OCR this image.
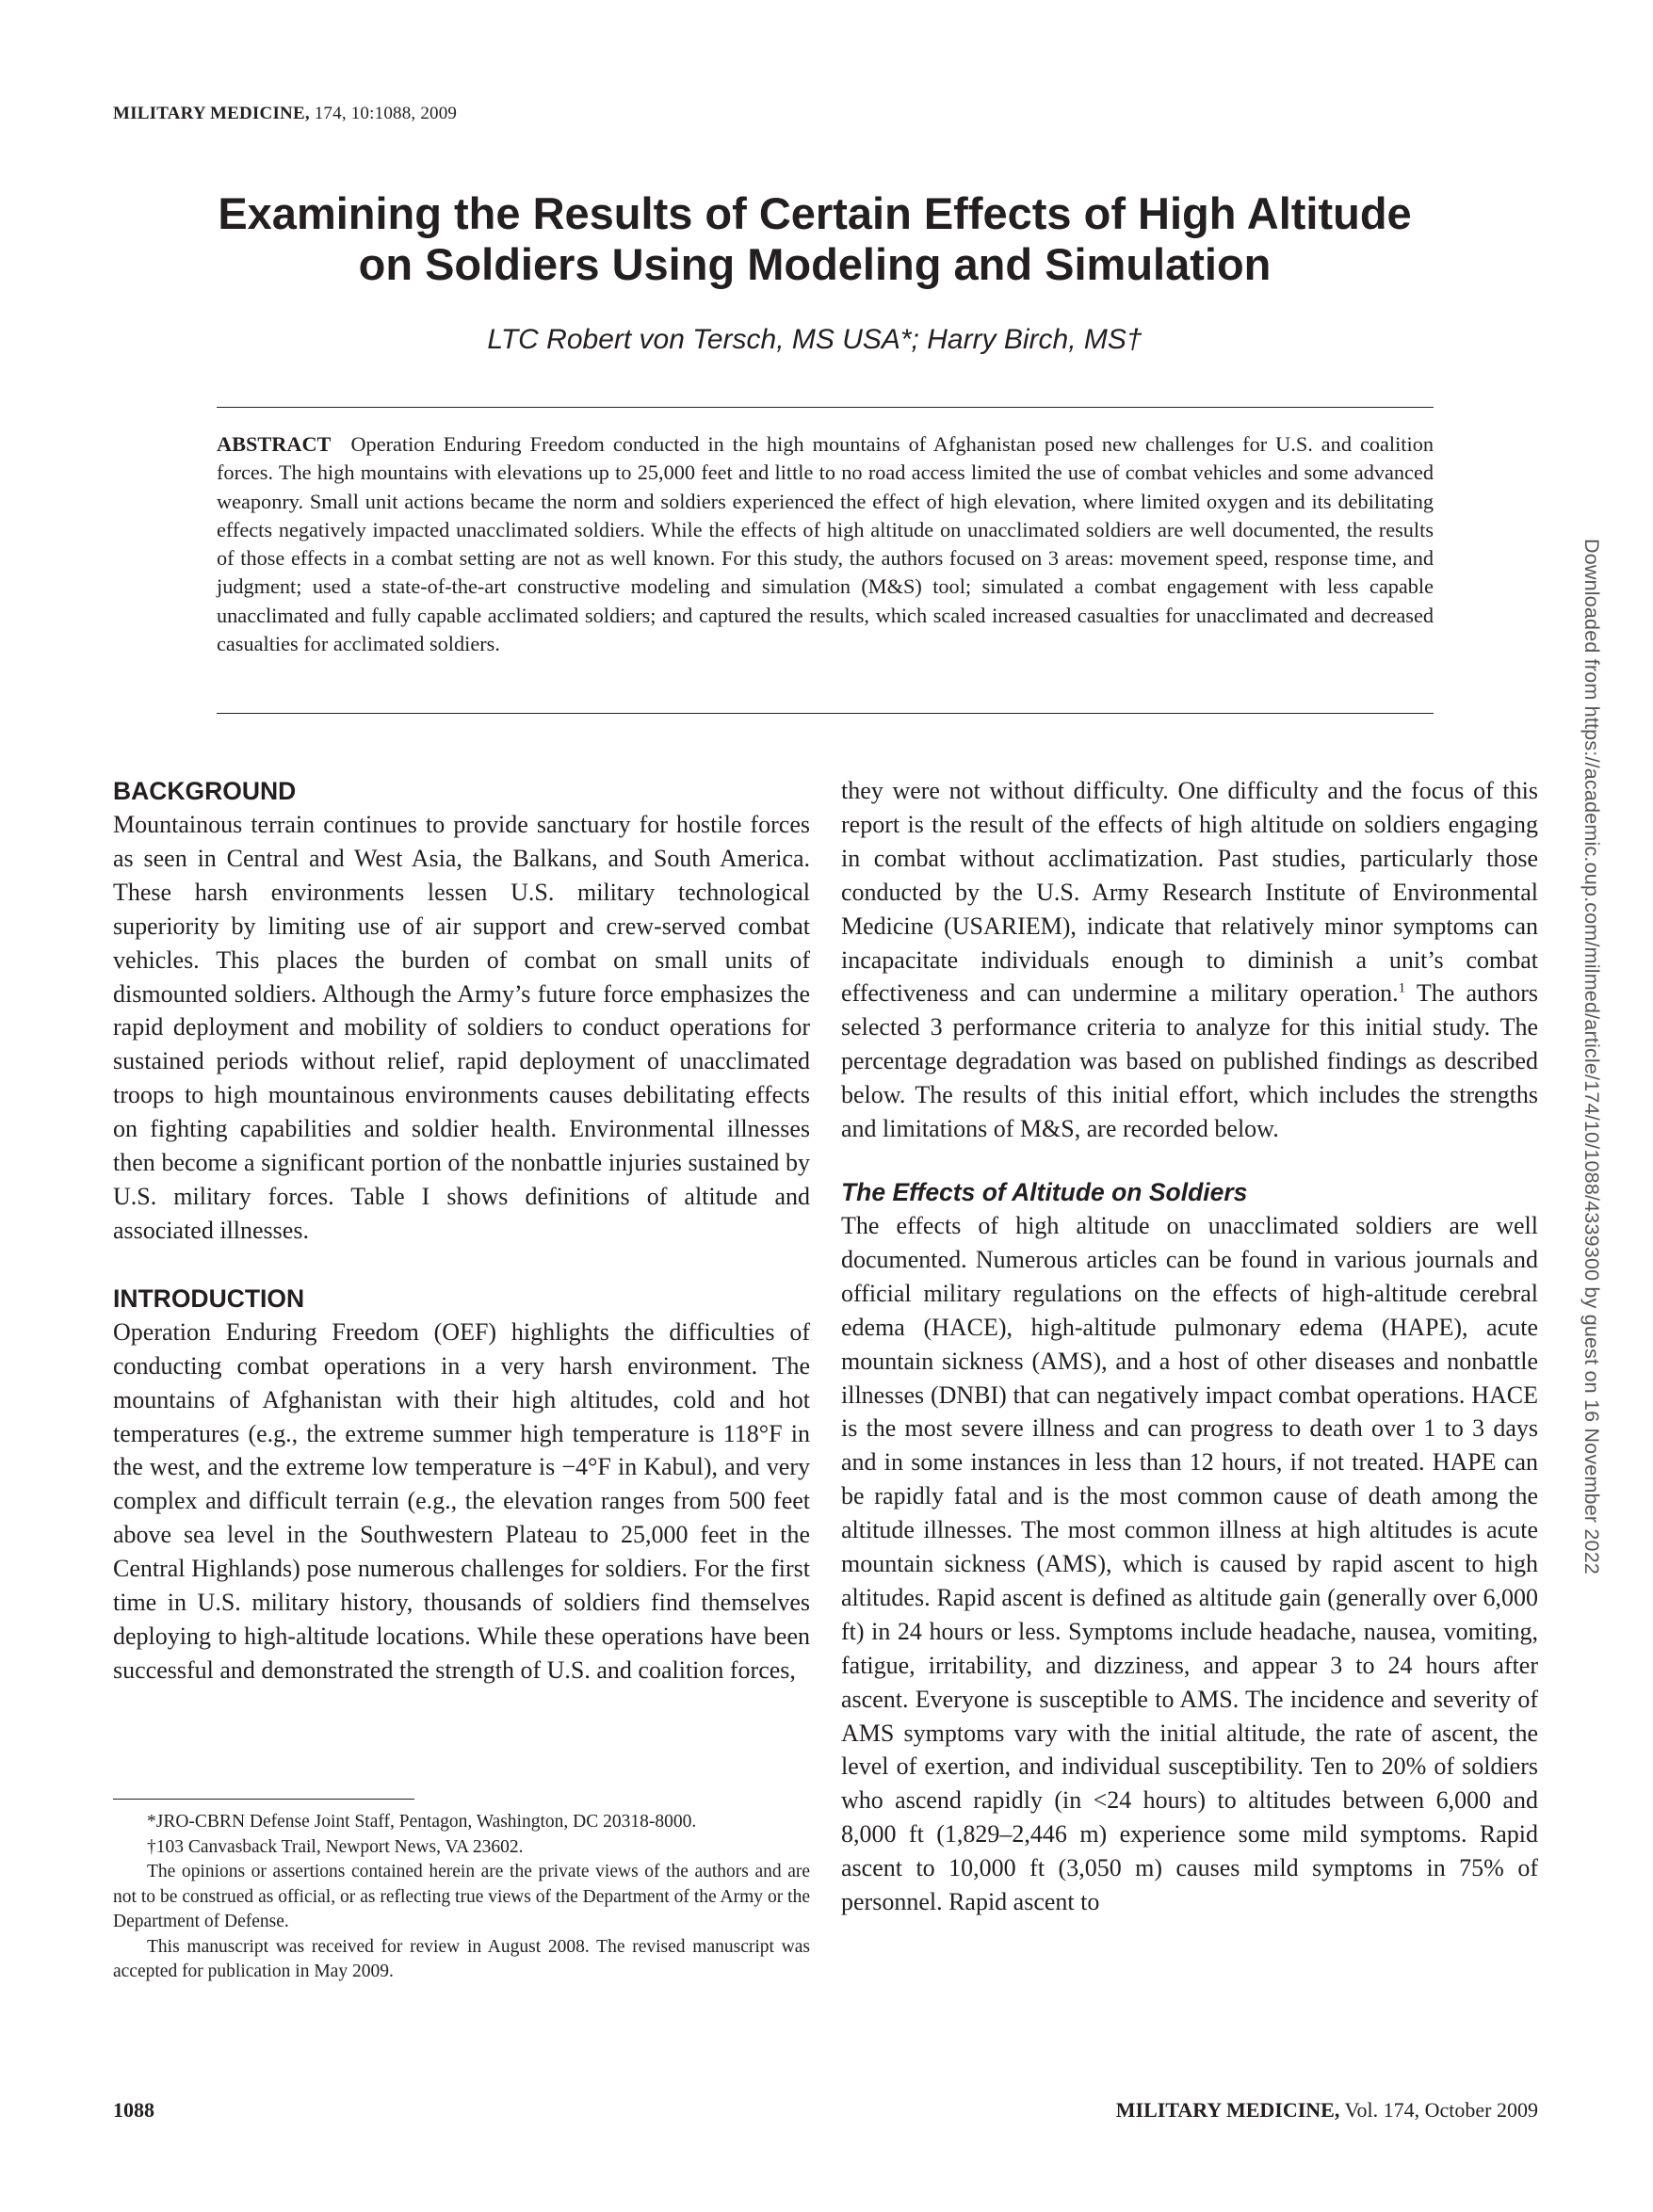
MILITARY MEDICINE, 174, 10:1088, 2009
Examining the Results of Certain Effects of High Altitude
on Soldiers Using Modeling and Simulation
LTC Robert von Tersch, MS USA*; Harry Birch, MS†

ABSTRACT Operation Enduring Freedom conducted in the high mountains of Afghanistan posed new challenges for U.S. and coalition forces. The high mountains with elevations up to 25,000 feet and little to no road access limited the use of combat vehicles and some advanced weaponry. Small unit actions became the norm and soldiers experienced the effect of high elevation, where limited oxygen and its debilitating effects negatively impacted unacclimated soldiers. While the effects of high altitude on unacclimated soldiers are well documented, the results of those effects in a combat setting are not as well known. For this study, the authors focused on 3 areas: movement speed, response time, and judgment; used a state-of-the-art constructive modeling and simulation (M&S) tool; simulated a combat engagement with less capable unacclimated and fully capable acclimated soldiers; and captured the results, which scaled increased casualties for unacclimated and decreased casualties for acclimated soldiers.

BACKGROUND

Mountainous terrain continues to provide sanctuary for hostile forces as seen in Central and West Asia, the Balkans, and South America. These harsh environments lessen U.S. military technological superiority by limiting use of air support and crew-served combat vehicles. This places the burden of combat on small units of dismounted soldiers. Although the Army’s future force emphasizes the rapid deployment and mobility of soldiers to conduct operations for sustained periods without relief, rapid deployment of unacclimated troops to high mountainous environments causes debilitating effects on fighting capabilities and soldier health. Environmental illnesses then become a significant portion of the nonbattle injuries sustained by U.S. military forces. Table I shows definitions of altitude and associated illnesses.

INTRODUCTION

Operation Enduring Freedom (OEF) highlights the difficulties of conducting combat operations in a very harsh environment. The mountains of Afghanistan with their high altitudes, cold and hot temperatures (e.g., the extreme summer high temperature is 118°F in the west, and the extreme low temperature is −4°F in Kabul), and very complex and difficult terrain (e.g., the elevation ranges from 500 feet above sea level in the Southwestern Plateau to 25,000 feet in the Central Highlands) pose numerous challenges for soldiers. For the first time in U.S. military history, thousands of soldiers find themselves deploying to high-altitude locations. While these operations have been successful and demonstrated the strength of U.S. and coalition forces,

they were not without difficulty. One difficulty and the focus of this report is the result of the effects of high altitude on soldiers engaging in combat without acclimatization. Past studies, particularly those conducted by the U.S. Army Research Institute of Environmental Medicine (USARIEM), indicate that relatively minor symptoms can incapacitate individuals enough to diminish a unit’s combat effectiveness and can undermine a military operation.$^1$ The authors selected 3 performance criteria to analyze for this initial study. The percentage degradation was based on published findings as described below. The results of this initial effort, which includes the strengths and limitations of M&S, are recorded below.

The Effects of Altitude on Soldiers

The effects of high altitude on unacclimated soldiers are well documented. Numerous articles can be found in various journals and official military regulations on the effects of high-altitude cerebral edema (HACE), high-altitude pulmonary edema (HAPE), acute mountain sickness (AMS), and a host of other diseases and nonbattle illnesses (DNBI) that can negatively impact combat operations. HACE is the most severe illness and can progress to death over 1 to 3 days and in some instances in less than 12 hours, if not treated. HAPE can be rapidly fatal and is the most common cause of death among the altitude illnesses. The most common illness at high altitudes is acute mountain sickness (AMS), which is caused by rapid ascent to high altitudes. Rapid ascent is defined as altitude gain (generally over 6,000 ft) in 24 hours or less. Symptoms include headache, nausea, vomiting, fatigue, irritability, and dizziness, and appear 3 to 24 hours after ascent. Everyone is susceptible to AMS. The incidence and severity of AMS symptoms vary with the initial altitude, the rate of ascent, the level of exertion, and individual susceptibility. Ten to 20% of soldiers who ascend rapidly (in <24 hours) to altitudes between 6,000 and 8,000 ft (1,829–2,446 m) experience some mild symptoms. Rapid ascent to 10,000 ft (3,050 m) causes mild symptoms in 75% of personnel. Rapid ascent to

*JRO-CBRN Defense Joint Staff, Pentagon, Washington, DC 20318-8000.

†103 Canvasback Trail, Newport News, VA 23602.

The opinions or assertions contained herein are the private views of the authors and are not to be construed as official, or as reflecting true views of the Department of the Army or the Department of Defense.

This manuscript was received for review in August 2008. The revised manuscript was accepted for publication in May 2009.

1088	MILITARY MEDICINE, Vol. 174, October 2009
Downloaded from https://academic.oup.com/milmed/article/174/10/1088/4339300 by guest on 16 November 2022
